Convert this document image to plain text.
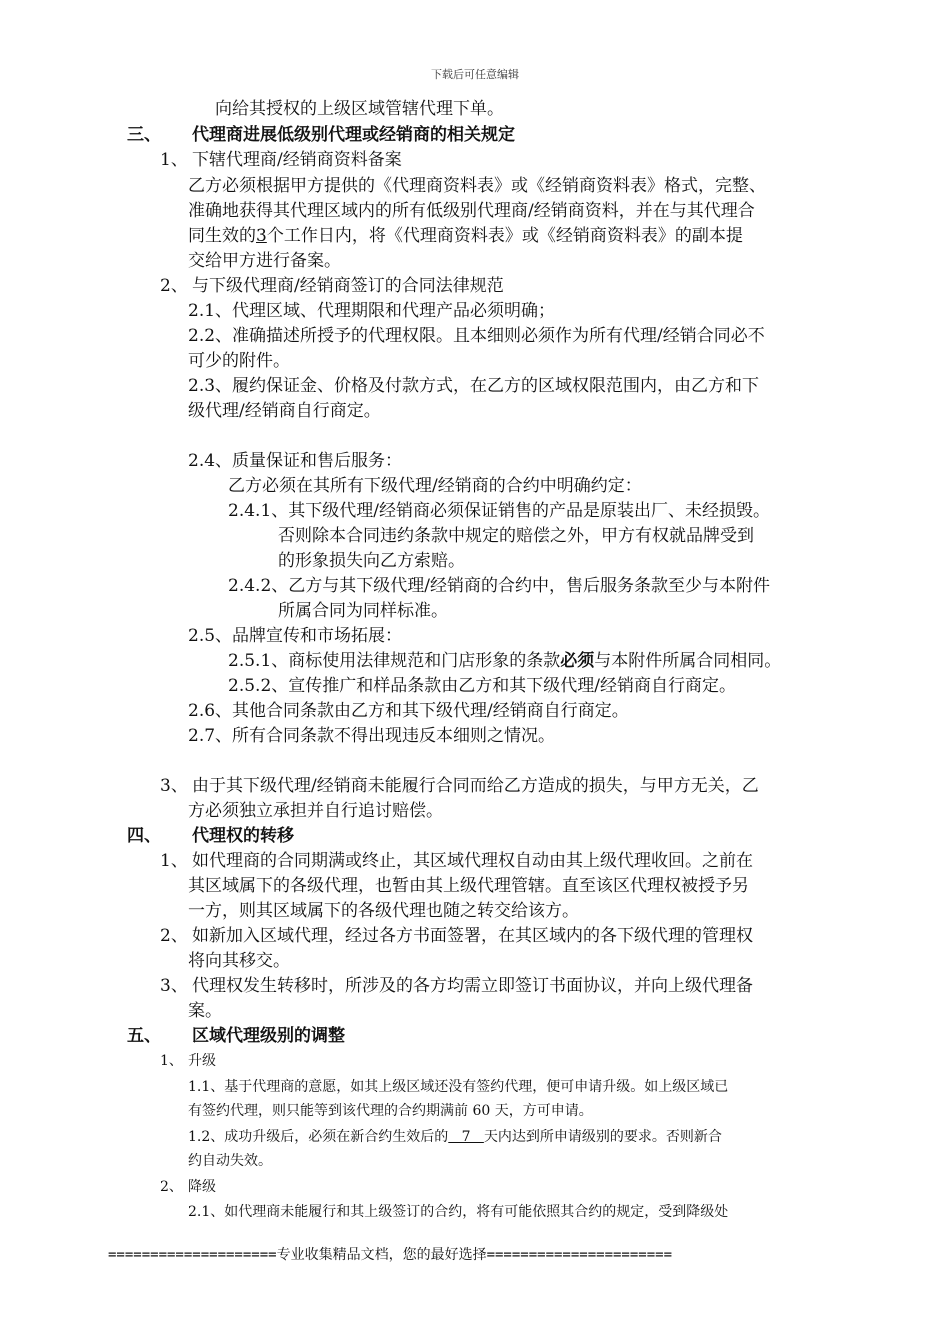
下载后可任意编辑
向给其授权的上级区域管辖代理下单。
三、 代理商进展低级别代理或经销商的相关规定
1、 下辖代理商/经销商资料备案
乙方必须根据甲方提供的《代理商资料表》或《经销商资料表》格式，完整、
准确地获得其代理区域内的所有低级别代理商/经销商资料，并在与其代理合
同生效的3个工作日内，将《代理商资料表》或《经销商资料表》的副本提
交给甲方进行备案。
2、 与下级代理商/经销商签订的合同法律规范
2.1、代理区域、代理期限和代理产品必须明确；
2.2、准确描述所授予的代理权限。且本细则必须作为所有代理/经销合同必不
可少的附件。
2.3、履约保证金、价格及付款方式，在乙方的区域权限范围内，由乙方和下
级代理/经销商自行商定。
2.4、质量保证和售后服务：
乙方必须在其所有下级代理/经销商的合约中明确约定：
2.4.1、其下级代理/经销商必须保证销售的产品是原装出厂、未经损毁。
否则除本合同违约条款中规定的赔偿之外，甲方有权就品牌受到
的形象损失向乙方索赔。
2.4.2、乙方与其下级代理/经销商的合约中，售后服务条款至少与本附件
所属合同为同样标准。
2.5、品牌宣传和市场拓展：
2.5.1、商标使用法律规范和门店形象的条款必须与本附件所属合同相同。
2.5.2、宣传推广和样品条款由乙方和其下级代理/经销商自行商定。
2.6、其他合同条款由乙方和其下级代理/经销商自行商定。
2.7、所有合同条款不得出现违反本细则之情况。
3、 由于其下级代理/经销商未能履行合同而给乙方造成的损失，与甲方无关，乙
方必须独立承担并自行追讨赔偿。
四、 代理权的转移
1、 如代理商的合同期满或终止，其区域代理权自动由其上级代理收回。之前在
其区域属下的各级代理，也暂由其上级代理管辖。直至该区代理权被授予另
一方，则其区域属下的各级代理也随之转交给该方。
2、 如新加入区域代理，经过各方书面签署，在其区域内的各下级代理的管理权
将向其移交。
3、 代理权发生转移时，所涉及的各方均需立即签订书面协议，并向上级代理备
案。
五、 区域代理级别的调整
1、 升级
1.1、基于代理商的意愿，如其上级区域还没有签约代理，便可申请升级。如上级区域已
有签约代理，则只能等到该代理的合约期满前 60 天，方可申请。
1.2、成功升级后，必须在新合约生效后的   7   天内达到所申请级别的要求。否则新合
约自动失效。
2、 降级
2.1、如代理商未能履行和其上级签订的合约，将有可能依照其合约的规定，受到降级处
====================专业收集精品文档，您的最好选择======================
